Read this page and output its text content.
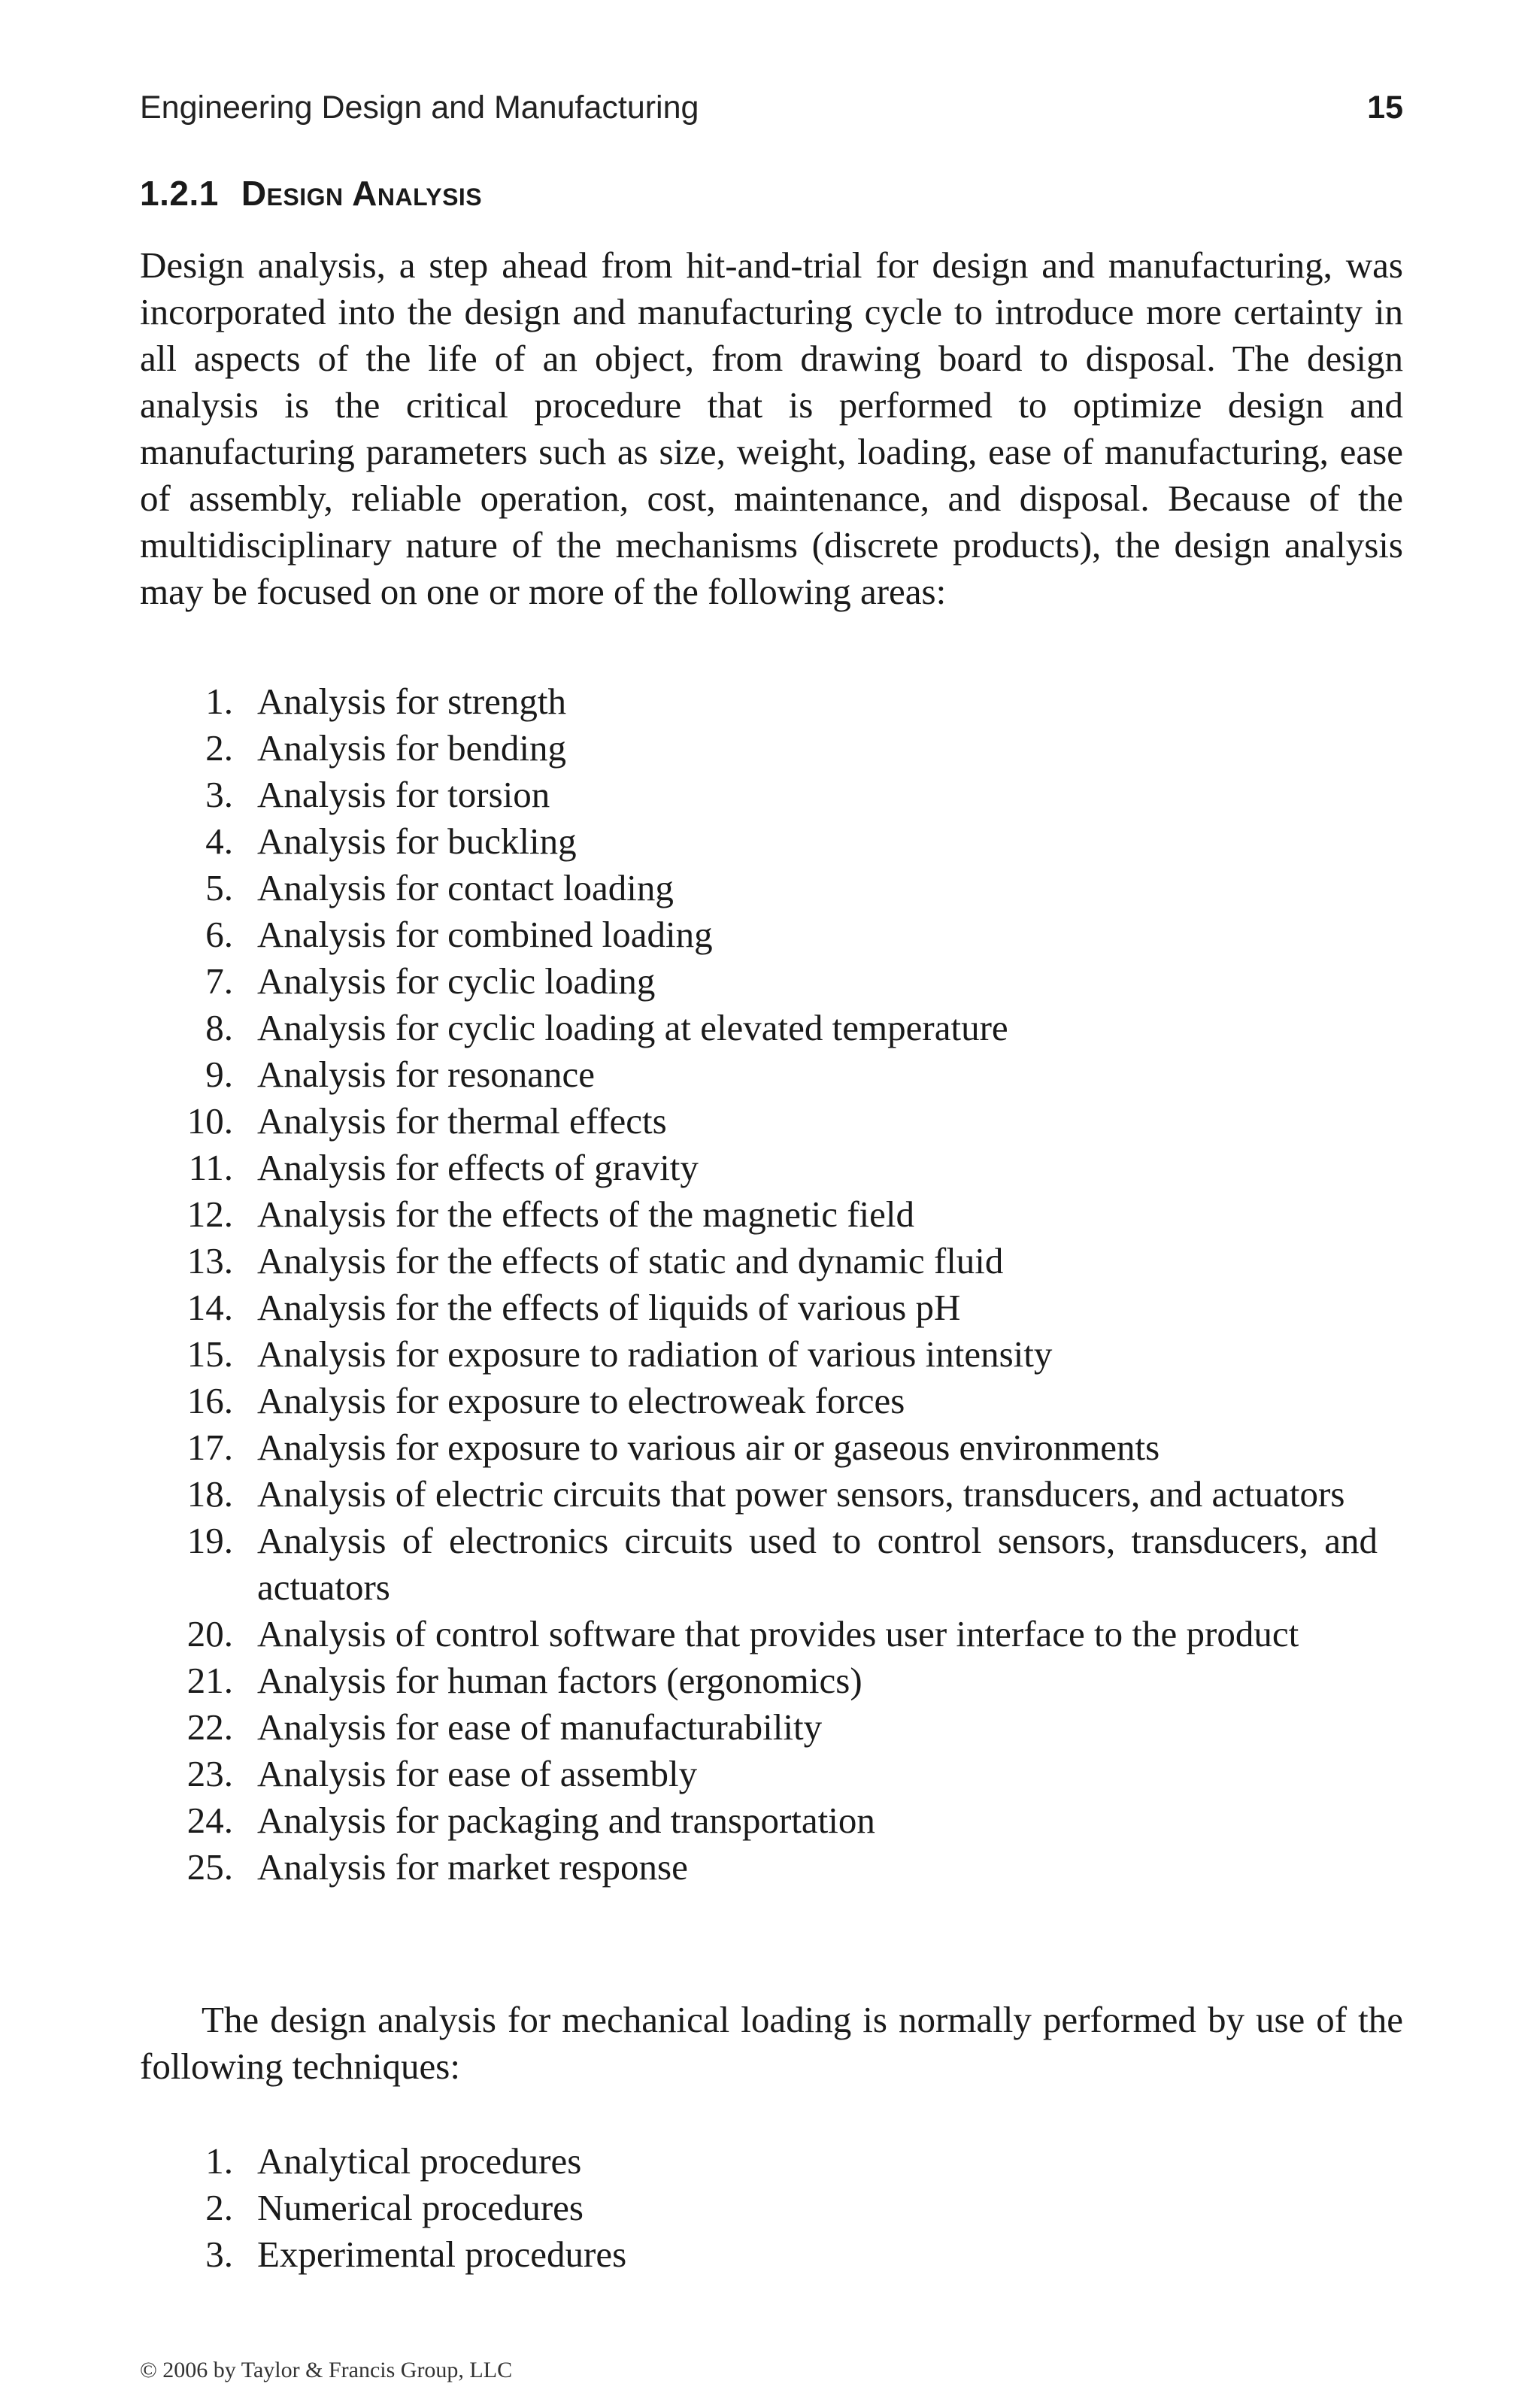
Engineering Design and Manufacturing	15
1.2.1 Design Analysis

Design analysis, a step ahead from hit-and-trial for design and manufacturing, was incorporated into the design and manufacturing cycle to introduce more certainty in all aspects of the life of an object, from drawing board to disposal. The design analysis is the critical procedure that is performed to optimize design and manufacturing parameters such as size, weight, loading, ease of manufacturing, ease of assembly, reliable operation, cost, maintenance, and disposal. Because of the multidisciplinary nature of the mechanisms (discrete products), the design analysis may be focused on one or more of the following areas:

1. Analysis for strength
2. Analysis for bending
3. Analysis for torsion
4. Analysis for buckling
5. Analysis for contact loading
6. Analysis for combined loading
7. Analysis for cyclic loading
8. Analysis for cyclic loading at elevated temperature
9. Analysis for resonance
10. Analysis for thermal effects
11. Analysis for effects of gravity
12. Analysis for the effects of the magnetic field
13. Analysis for the effects of static and dynamic fluid
14. Analysis for the effects of liquids of various pH
15. Analysis for exposure to radiation of various intensity
16. Analysis for exposure to electroweak forces
17. Analysis for exposure to various air or gaseous environments
18. Analysis of electric circuits that power sensors, transducers, and actuators
19. Analysis of electronics circuits used to control sensors, transducers, and actuators
20. Analysis of control software that provides user interface to the product
21. Analysis for human factors (ergonomics)
22. Analysis for ease of manufacturability
23. Analysis for ease of assembly
24. Analysis for packaging and transportation
25. Analysis for market response

The design analysis for mechanical loading is normally performed by use of the following techniques:

1. Analytical procedures
2. Numerical procedures
3. Experimental procedures
© 2006 by Taylor & Francis Group, LLC
